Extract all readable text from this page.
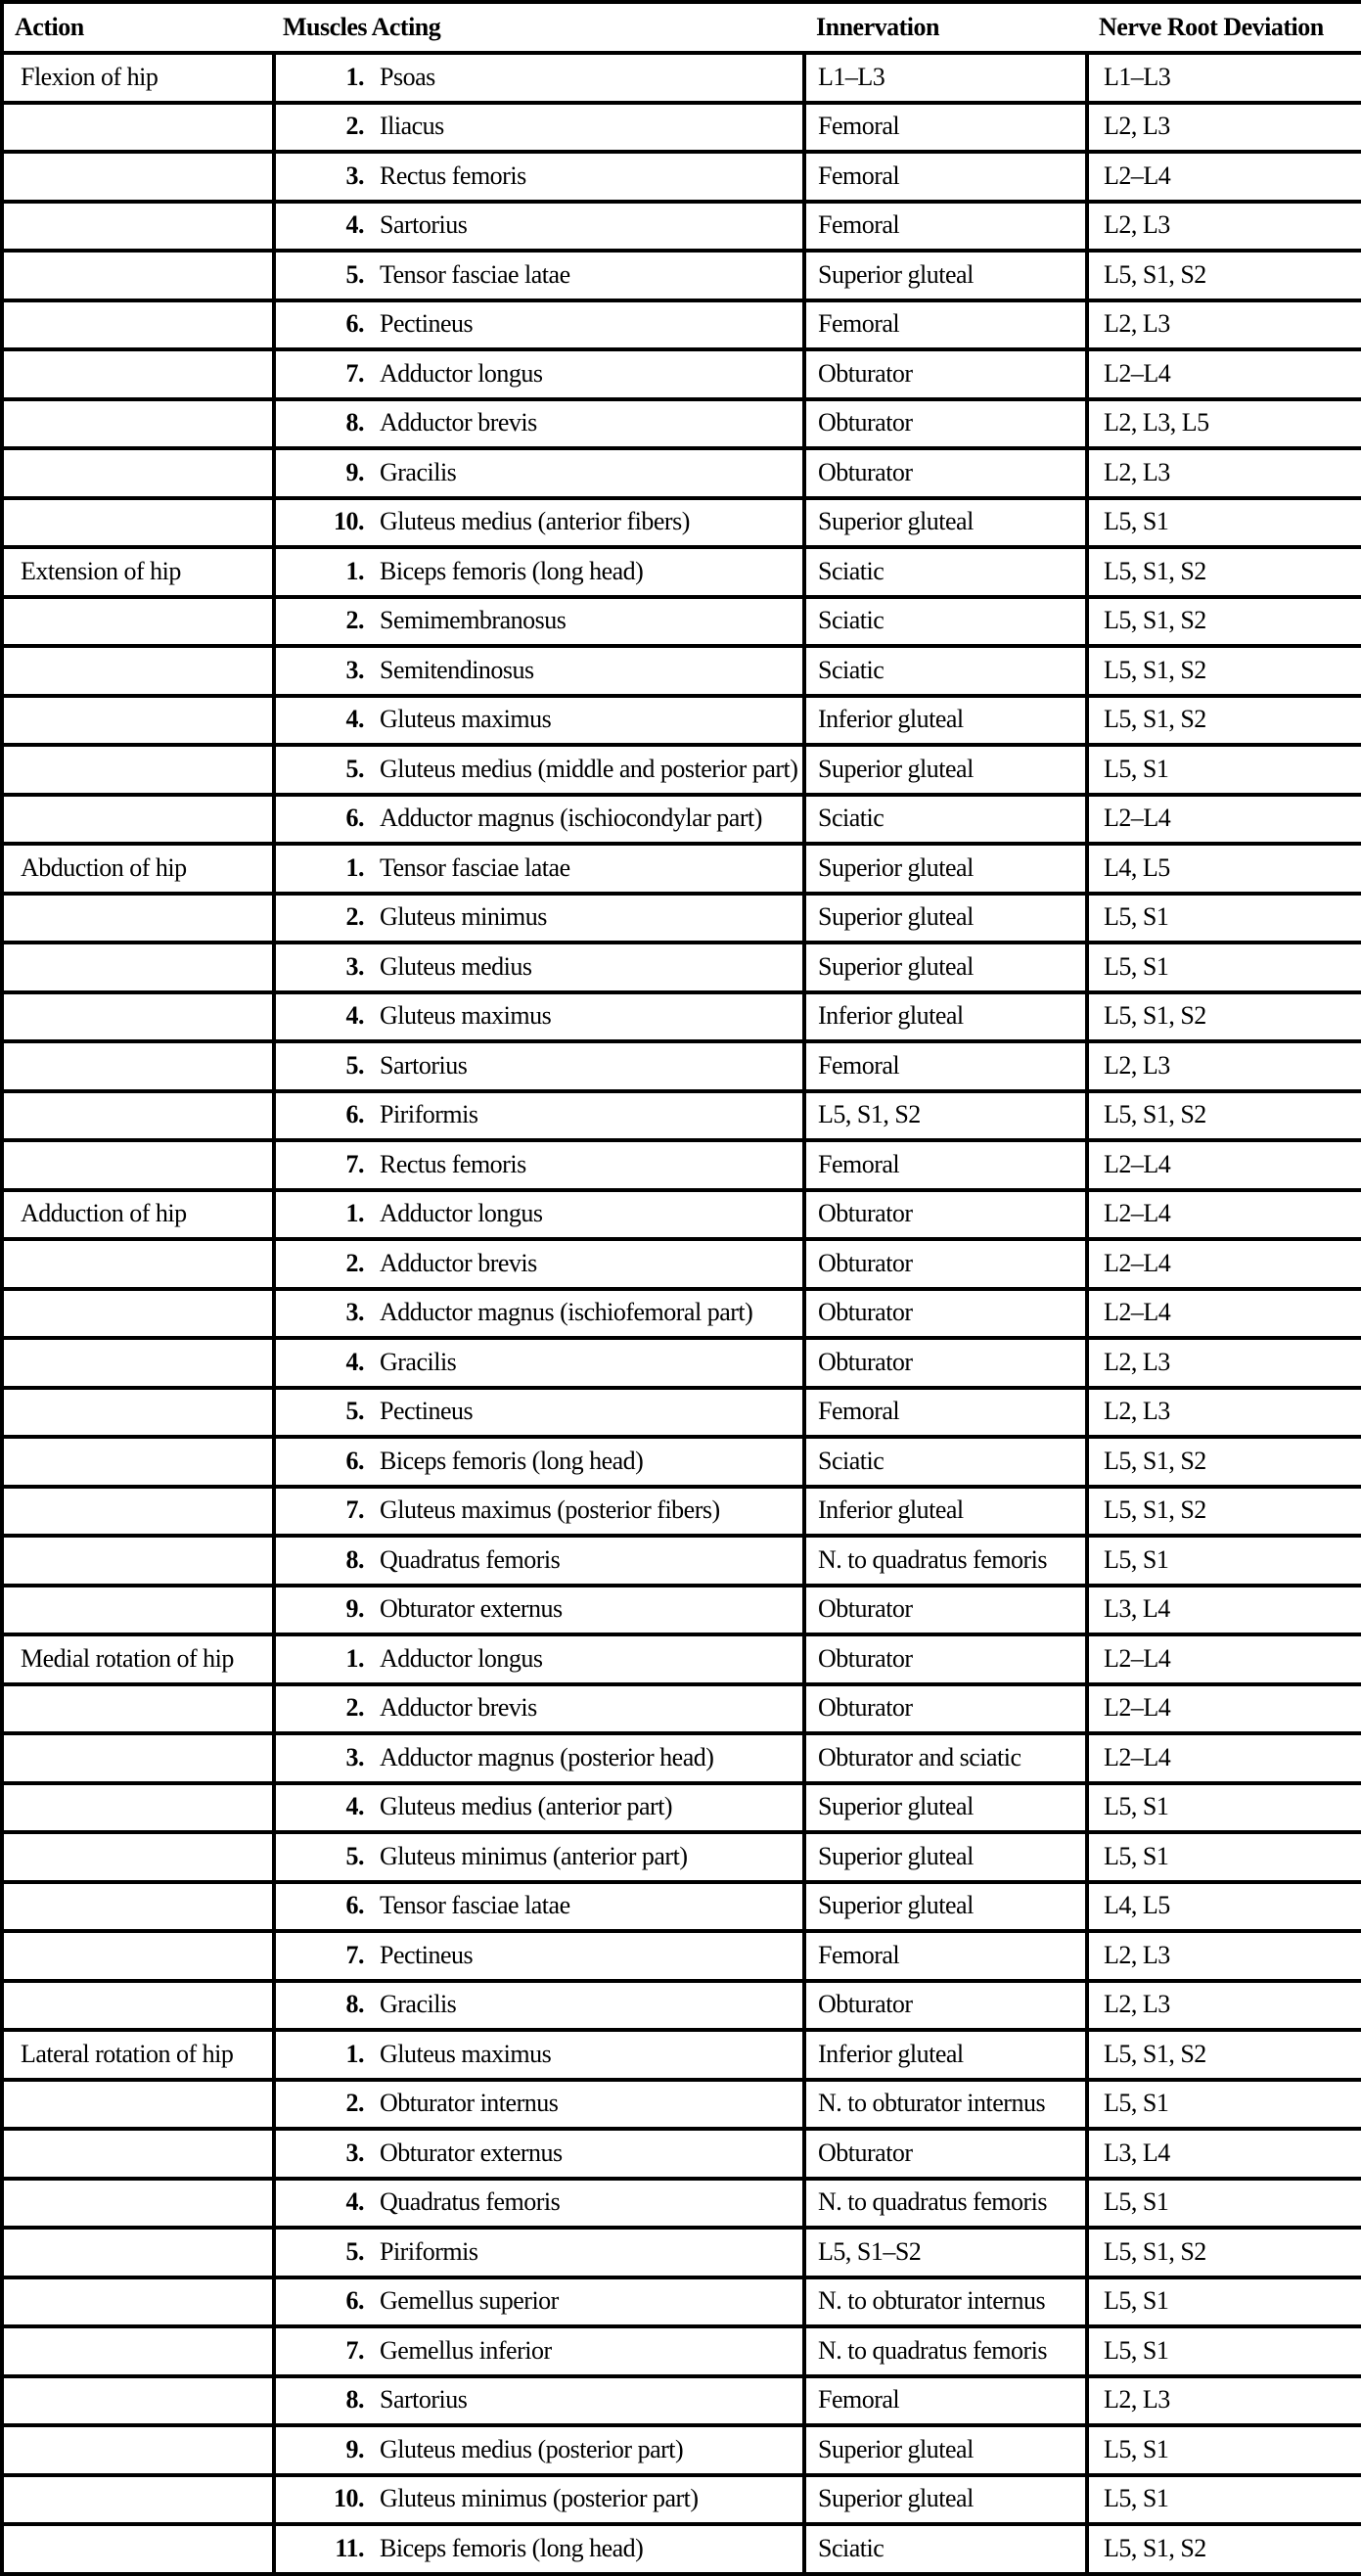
Action	Muscles Acting	Innervation	Nerve Root Deviation
Flexion of hip	1. Psoas	L1–L3	L1–L3

	2. Iliacus	Femoral	L2, L3

	3. Rectus femoris	Femoral	L2–L4

	4. Sartorius	Femoral	L2, L3

	5. Tensor fasciae latae	Superior gluteal	L5, S1, S2

	6. Pectineus	Femoral	L2, L3

	7. Adductor longus	Obturator	L2–L4

	8. Adductor brevis	Obturator	L2, L3, L5

	9. Gracilis	Obturator	L2, L3

	10. Gluteus medius (anterior fibers)	Superior gluteal	L5, S1
Extension of hip	1. Biceps femoris (long head)	Sciatic	L5, S1, S2

	2. Semimembranosus	Sciatic	L5, S1, S2

	3. Semitendinosus	Sciatic	L5, S1, S2

	4. Gluteus maximus	Inferior gluteal	L5, S1, S2

	5. Gluteus medius (middle and posterior part)	Superior gluteal	L5, S1

	6. Adductor magnus (ischiocondylar part)	Sciatic	L2–L4
Abduction of hip	1. Tensor fasciae latae	Superior gluteal	L4, L5

	2. Gluteus minimus	Superior gluteal	L5, S1

	3. Gluteus medius	Superior gluteal	L5, S1

	4. Gluteus maximus	Inferior gluteal	L5, S1, S2

	5. Sartorius	Femoral	L2, L3

	6. Piriformis	L5, S1, S2	L5, S1, S2

	7. Rectus femoris	Femoral	L2–L4
Adduction of hip	1. Adductor longus	Obturator	L2–L4

	2. Adductor brevis	Obturator	L2–L4

	3. Adductor magnus (ischiofemoral part)	Obturator	L2–L4

	4. Gracilis	Obturator	L2, L3

	5. Pectineus	Femoral	L2, L3

	6. Biceps femoris (long head)	Sciatic	L5, S1, S2

	7. Gluteus maximus (posterior fibers)	Inferior gluteal	L5, S1, S2

	8. Quadratus femoris	N. to quadratus femoris	L5, S1

	9. Obturator externus	Obturator	L3, L4
Medial rotation of hip	1. Adductor longus	Obturator	L2–L4

	2. Adductor brevis	Obturator	L2–L4

	3. Adductor magnus (posterior head)	Obturator and sciatic	L2–L4

	4. Gluteus medius (anterior part)	Superior gluteal	L5, S1

	5. Gluteus minimus (anterior part)	Superior gluteal	L5, S1

	6. Tensor fasciae latae	Superior gluteal	L4, L5

	7. Pectineus	Femoral	L2, L3

	8. Gracilis	Obturator	L2, L3
Lateral rotation of hip	1. Gluteus maximus	Inferior gluteal	L5, S1, S2

	2. Obturator internus	N. to obturator internus	L5, S1

	3. Obturator externus	Obturator	L3, L4

	4. Quadratus femoris	N. to quadratus femoris	L5, S1

	5. Piriformis	L5, S1–S2	L5, S1, S2

	6. Gemellus superior	N. to obturator internus	L5, S1

	7. Gemellus inferior	N. to quadratus femoris	L5, S1

	8. Sartorius	Femoral	L2, L3

	9. Gluteus medius (posterior part)	Superior gluteal	L5, S1

	10. Gluteus minimus (posterior part)	Superior gluteal	L5, S1

	11. Biceps femoris (long head)	Sciatic	L5, S1, S2
